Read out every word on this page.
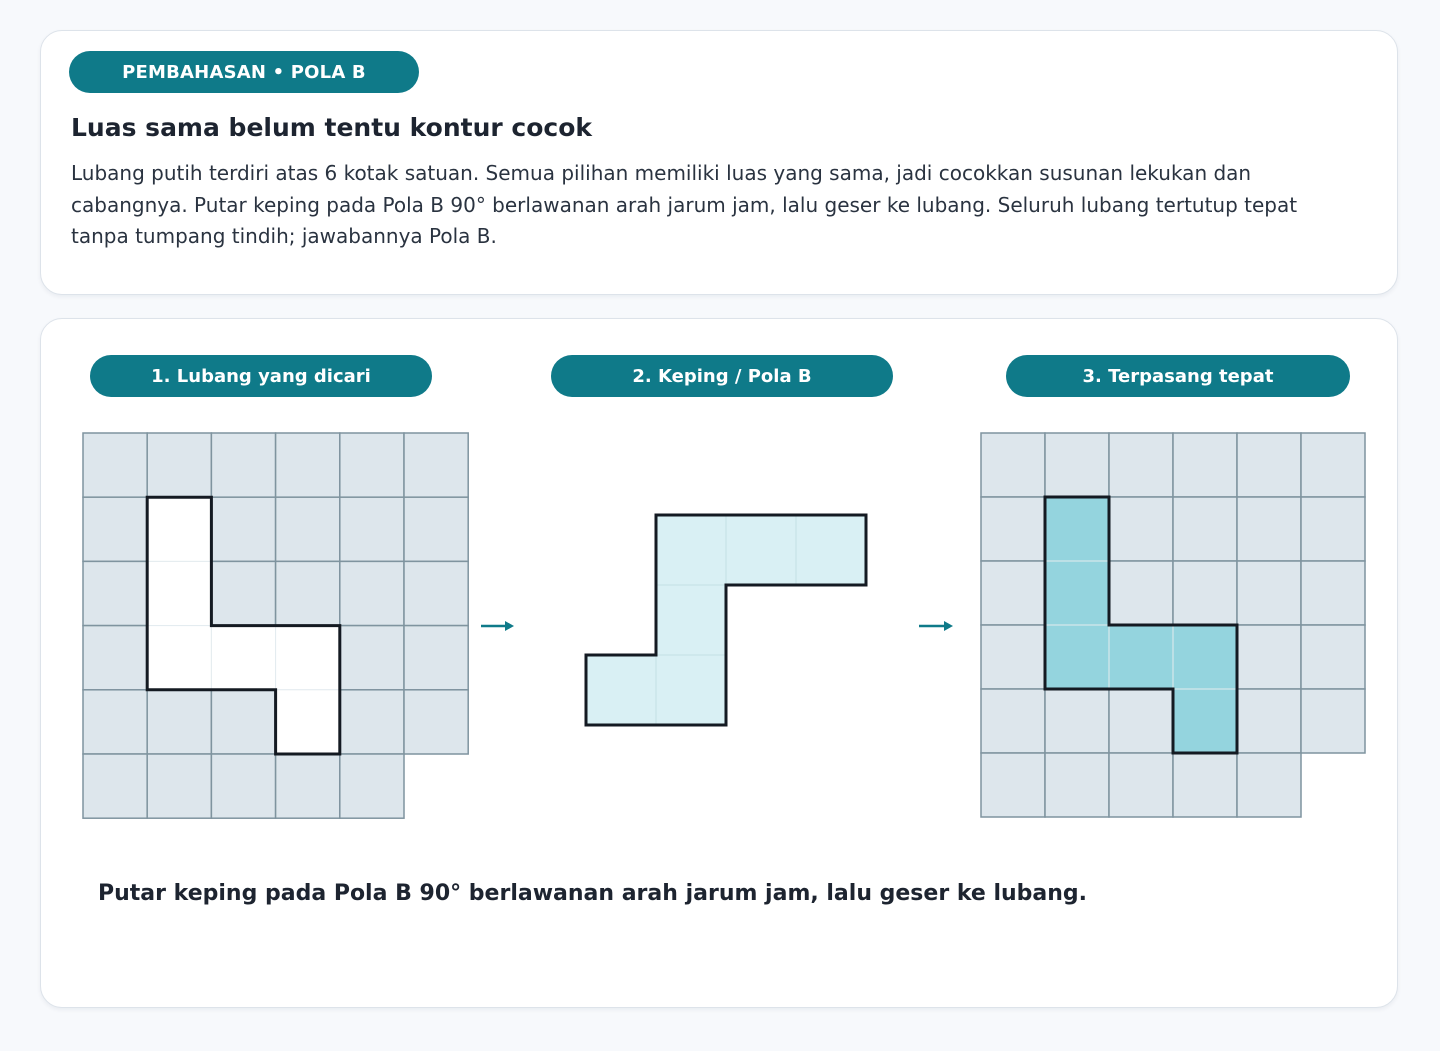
PEMBAHASAN • POLA B
Luas sama belum tentu kontur cocok

Lubang putih terdiri atas 6 kotak satuan. Semua pilihan memiliki luas yang sama, jadi cocokkan susunan lekukan dan cabangnya. Putar keping pada Pola B 90° berlawanan arah jarum jam, lalu geser ke lubang. Seluruh lubang tertutup tepat tanpa tumpang tindih; jawabannya Pola B.

1. Lubang yang dicari	2. Keping / Pola B	3. Terpasang tepat

Putar keping pada Pola B 90° berlawanan arah jarum jam, lalu geser ke lubang.
